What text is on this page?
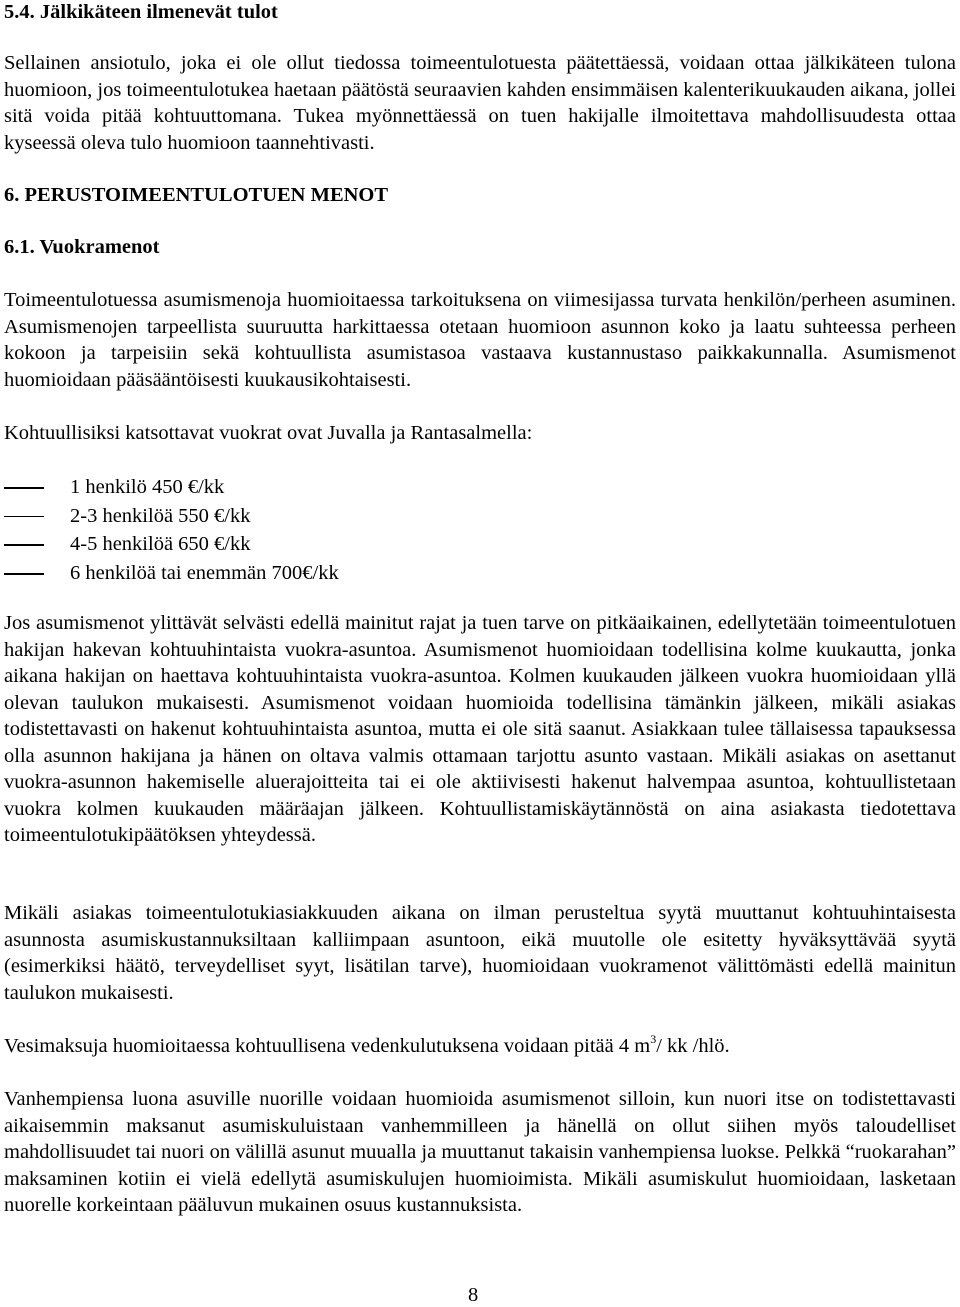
5.4. Jälkikäteen ilmenevät tulot

Sellainen ansiotulo, joka ei ole ollut tiedossa toimeentulotuesta päätettäessä, voidaan ottaa jälkikäteen tulona huomioon, jos toimeentulotukea haetaan päätöstä seuraavien kahden ensimmäisen kalenterikuukauden aikana, jollei sitä voida pitää kohtuuttomana. Tukea myönnettäessä on tuen hakijalle ilmoitettava mahdollisuudesta ottaa kyseessä oleva tulo huomioon taannehtivasti.

6. PERUSTOIMEENTULOTUEN MENOT
6.1. Vuokramenot

Toimeentulotuessa asumismenoja huomioitaessa tarkoituksena on viimesijassa turvata henkilön/perheen asuminen. Asumismenojen tarpeellista suuruutta harkittaessa otetaan huomioon asunnon koko ja laatu suhteessa perheen kokoon ja tarpeisiin sekä kohtuullista asumistasoa vastaava kustannustaso paikkakunnalla. Asumismenot huomioidaan pääsääntöisesti kuukausikohtaisesti.

Kohtuullisiksi katsottavat vuokrat ovat Juvalla ja Rantasalmella:

1 henkilö 450 €/kk
2-3 henkilöä 550 €/kk
4-5 henkilöä 650 €/kk
6 henkilöä tai enemmän 700€/kk

Jos asumismenot ylittävät selvästi edellä mainitut rajat ja tuen tarve on pitkäaikainen, edellytetään toimeentulotuen hakijan hakevan kohtuuhintaista vuokra-asuntoa. Asumismenot huomioidaan todellisina kolme kuukautta, jonka aikana hakijan on haettava kohtuuhintaista vuokra-asuntoa. Kolmen kuukauden jälkeen vuokra huomioidaan yllä olevan taulukon mukaisesti. Asumismenot voidaan huomioida todellisina tämänkin jälkeen, mikäli asiakas todistettavasti on hakenut kohtuuhintaista asuntoa, mutta ei ole sitä saanut. Asiakkaan tulee tällaisessa tapauksessa olla asunnon hakijana ja hänen on oltava valmis ottamaan tarjottu asunto vastaan. Mikäli asiakas on asettanut vuokra-asunnon hakemiselle aluerajoitteita tai ei ole aktiivisesti hakenut halvempaa asuntoa, kohtuullistetaan vuokra kolmen kuukauden määräajan jälkeen. Kohtuullistamiskäytännöstä on aina asiakasta tiedotettava toimeentulotukipäätöksen yhteydessä.

Mikäli asiakas toimeentulotukiasiakkuuden aikana on ilman perusteltua syytä muuttanut kohtuuhintaisesta asunnosta asumiskustannuksiltaan kalliimpaan asuntoon, eikä muutolle ole esitetty hyväksyttävää syytä (esimerkiksi häätö, terveydelliset syyt, lisätilan tarve), huomioidaan vuokramenot välittömästi edellä mainitun taulukon mukaisesti.

Vesimaksuja huomioitaessa kohtuullisena vedenkulutuksena voidaan pitää 4 $m^3/$ kk /hlö.

Vanhempiensa luona asuville nuorille voidaan huomioida asumismenot silloin, kun nuori itse on todistettavasti aikaisemmin maksanut asumiskuluistaan vanhemmilleen ja hänellä on ollut siihen myös taloudelliset mahdollisuudet tai nuori on välillä asunut muualla ja muuttanut takaisin vanhempiensa luokse. Pelkkä “ruokarahan” maksaminen kotiin ei vielä edellytä asumiskulujen huomioimista. Mikäli asumiskulut huomioidaan, lasketaan nuorelle korkeintaan pääluvun mukainen osuus kustannuksista.

8
